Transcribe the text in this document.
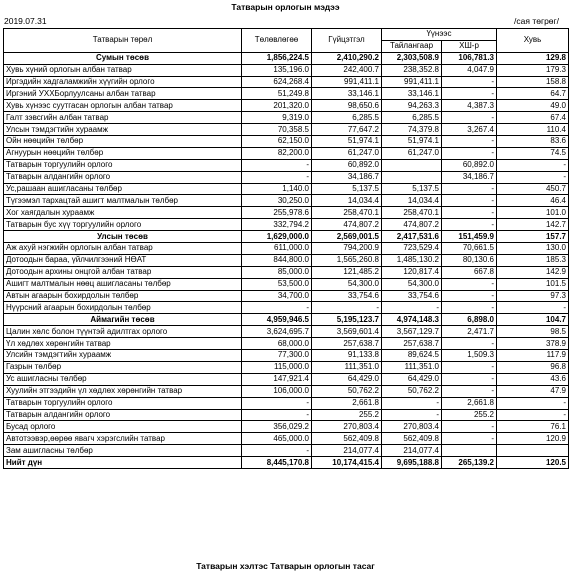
Татварын орлогын мэдээ
2019.07.31	/сая төгрөг/
Татварын төрөл	Төлөвлөгөө	Гүйцэтгэл	Үүнээс		Хувь
			Тайлангаар	ХШ-р	
Сумын төсөв	1,856,224.5	2,410,290.2	2,303,508.9	106,781.3	129.8
Хувь хүний орлогын албан татвар	135,196.0	242,400.7	238,352.8	4,047.9	179.3
Иргэдийн хадгаламжийн хүүгийн орлого	624,268.4	991,411.1	991,411.1	-	158.8
Иргэний УХХБорлуулсаны албан татвар	51,249.8	33,146.1	33,146.1	-	64.7
Хувь хүнээс суутгасан орлогын албан татвар	201,320.0	98,650.6	94,263.3	4,387.3	49.0
Галт зэвсгийн албан татвар	9,319.0	6,285.5	6,285.5	-	67.4
Улсын тэмдэгтийн хураамж	70,358.5	77,647.2	74,379.8	3,267.4	110.4
Ойн нөөцийн төлбөр	62,150.0	51,974.1	51,974.1	-	83.6
Агнуурын нөөцийн төлбөр	82,200.0	61,247.0	61,247.0	-	74.5
Татварын торгуулийн орлого	-	60,892.0		60,892.0	-
Татварын алдангийн орлого	-	34,186.7		34,186.7	-
Ус,рашаан ашигласаны төлбөр	1,140.0	5,137.5	5,137.5	-	450.7
Түгээмэл тархацтай ашигт малтмалын төлбөр	30,250.0	14,034.4	14,034.4	-	46.4
Хог хаягдалын хураамж	255,978.6	258,470.1	258,470.1	-	101.0
Татварын бус хүү торгуулийн орлого	332,794.2	474,807.2	474,807.2	-	142.7
Улсын төсөв	1,629,000.0	2,569,001.5	2,417,531.6	151,459.9	157.7
Аж ахуй нэгжийн орлогын албан татвар	611,000.0	794,200.9	723,529.4	70,661.5	130.0
Дотоодын бараа, үйлчилгээний НӨАТ	844,800.0	1,565,260.8	1,485,130.2	80,130.6	185.3
Дотоодын архины онцгой албан татвар	85,000.0	121,485.2	120,817.4	667.8	142.9
Ашигт малтмалын нөөц ашигласаны төлбөр	53,500.0	54,300.0	54,300.0	-	101.5
Автын агаарын бохирдолын төлбөр	34,700.0	33,754.6	33,754.6	-	97.3
Нүүрсний агаарын бохирдолын төлбөр	-	-	-	-	-
Аймагийн төсөв	4,959,946.5	5,195,123.7	4,974,148.3	6,898.0	104.7
Цалин хөлс болон түүнтэй адилтгах орлого	3,624,695.7	3,569,601.4	3,567,129.7	2,471.7	98.5
Үл хөдлөх хөрөнгийн татвар	68,000.0	257,638.7	257,638.7	-	378.9
Улсийн тэмдэгтийн хураамж	77,300.0	91,133.8	89,624.5	1,509.3	117.9
Газрын төлбөр	115,000.0	111,351.0	111,351.0	-	96.8
Ус ашигласны төлбөр	147,921.4	64,429.0	64,429.0	-	43.6
Хуулийн этгээдийн үл хөдлөх хөрөнгийн татвар	106,000.0	50,762.2	50,762.2	-	47.9
Татварын торгуулийн орлого	-	2,661.8	-	2,661.8	-
Татварын алдангийн орлого	-	255.2	-	255.2	-
Бусад орлого	356,029.2	270,803.4	270,803.4	-	76.1
Автотээвэр,өөрөө явагч хэрэгслийн татвар	465,000.0	562,409.8	562,409.8	-	120.9
Зам ашигласны төлбөр	-	214,077.4	214,077.4		
Нийт дүн	8,445,170.8	10,174,415.4	9,695,188.8	265,139.2	120.5
Татварын хэлтэс Татварын орлогын тасаг
